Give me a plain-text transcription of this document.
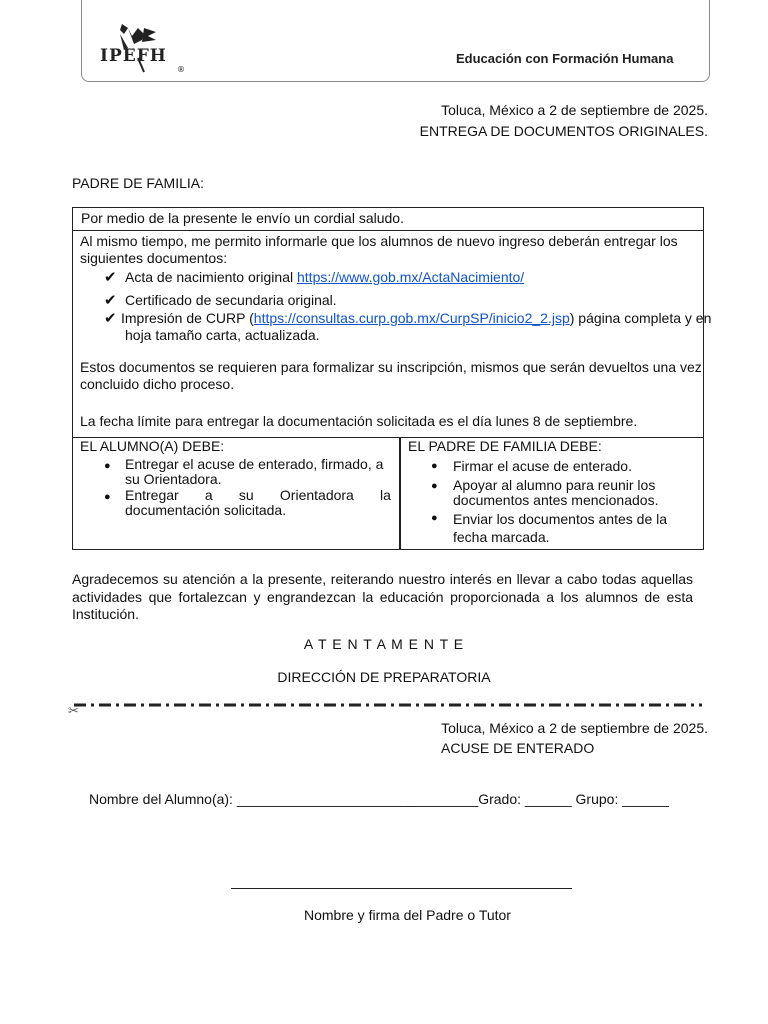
®
IPEFH	Educación con Formación Humana
Toluca, México a 2 de septiembre de 2025.
ENTREGA DE DOCUMENTOS ORIGINALES.
PADRE DE FAMILIA:
Por medio de la presente le envío un cordial saludo.
Al mismo tiempo, me permito informarle que los alumnos de nuevo ingreso deberán entregar los
siguientes documentos:
✔ Acta de nacimiento original https://www.gob.mx/ActaNacimiento/
✔ Certificado de secundaria original.
✔ Impresión de CURP (https://consultas.curp.gob.mx/CurpSP/inicio2_2.jsp) página completa y en
hoja tamaño carta, actualizada.
Estos documentos se requieren para formalizar su inscripción, mismos que serán devueltos una vez
concluido dicho proceso.
La fecha límite para entregar la documentación solicitada es el día lunes 8 de septiembre.
EL ALUMNO(A) DEBE:
● Entregar el acuse de enterado, firmado, a
su Orientadora.
● Entregar a su Orientadora la
documentación solicitada.
EL PADRE DE FAMILIA DEBE:
● Firmar el acuse de enterado.
● Apoyar al alumno para reunir los
documentos antes mencionados.
● Enviar los documentos antes de la
fecha marcada.
Agradecemos su atención a la presente, reiterando nuestro interés en llevar a cabo todas aquellas
actividades que fortalezcan y engrandezcan la educación proporcionada a los alumnos de esta
Institución.
A T E N T A M E N T E
DIRECCIÓN DE PREPARATORIA
✂
Toluca, México a 2 de septiembre de 2025.
ACUSE DE ENTERADO
Nombre del Alumno(a): _______________________________Grado: ______ Grupo: ______
Nombre y firma del Padre o Tutor
